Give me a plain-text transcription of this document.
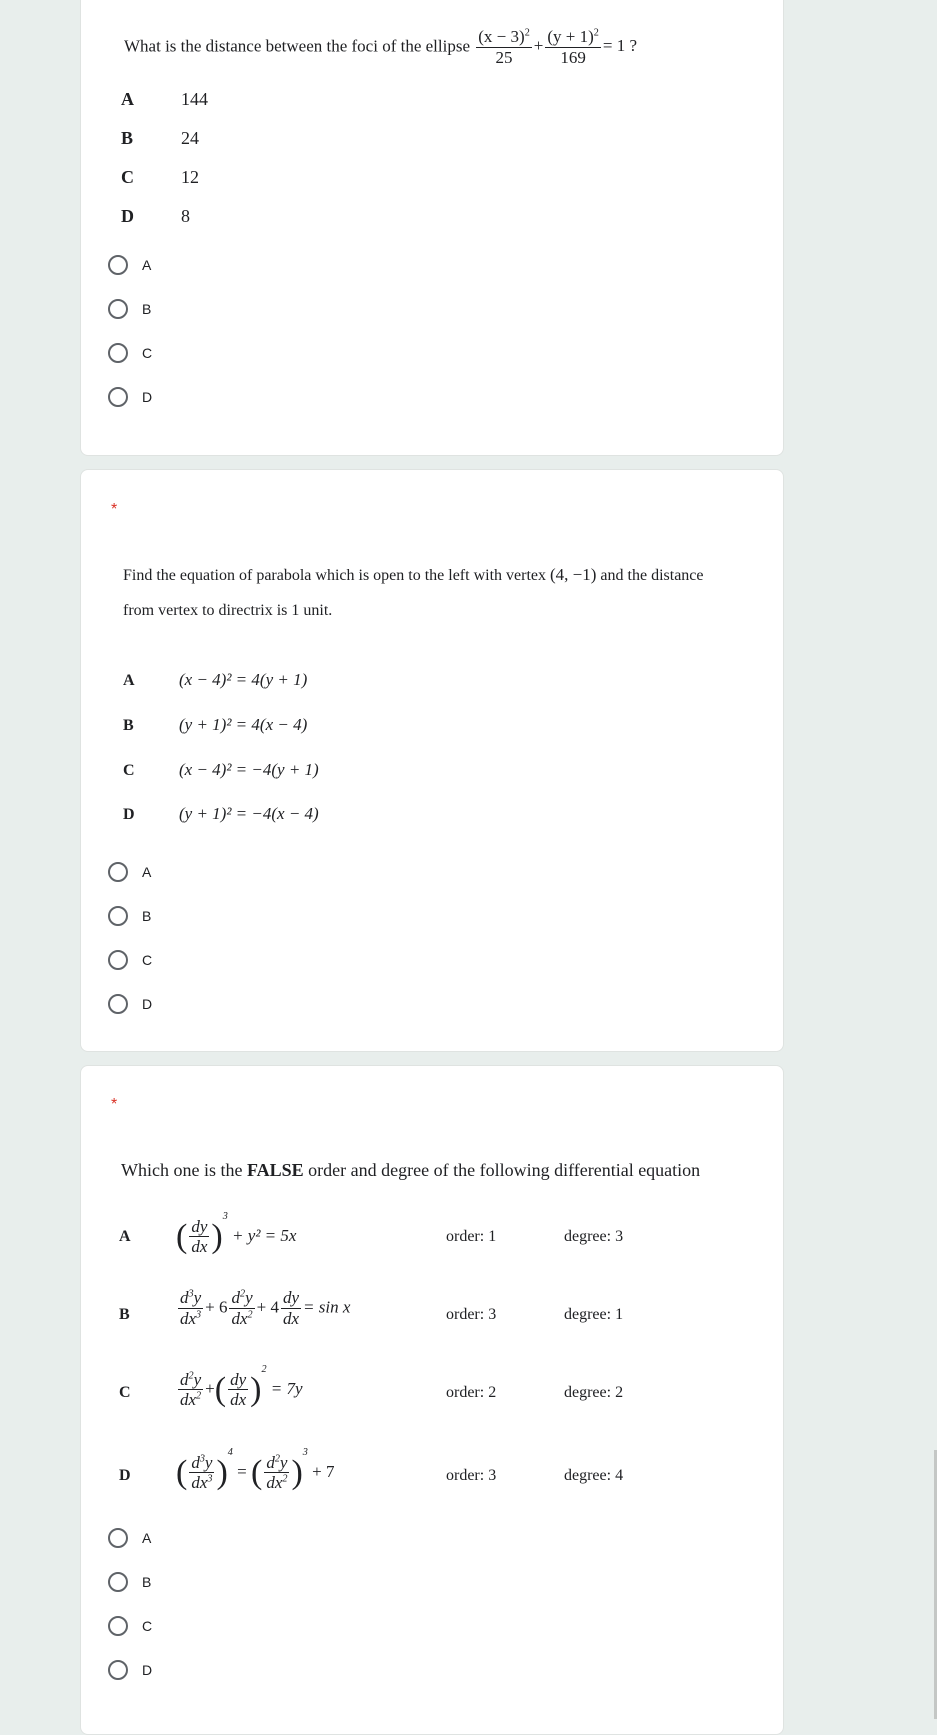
What is the distance between the foci of the ellipse $\frac{(x - 3)^2}{25} + \frac{(y + 1)^2}{169} = 1$ ?
A	144
B	24
C	12
D	8
A
B
C
D
*
Find the equation of parabola which is open to the left with vertex (4, −1) and the distance
from vertex to directrix is 1 unit.
A	(x − 4)² = 4(y + 1)
B	(y + 1)² = 4(x − 4)
C	(x − 4)² = −4(y + 1)
D	(y + 1)² = −4(x − 4)
A
B
C
D
*
Which one is the FALSE order and degree of the following differential equation
A	( $\frac{dy}{dx} )^3 + y^2 = 5x$	order: 1	degree: 3
B	$\frac{d^3y}{dx^3} + 6 \frac{d^2y}{dx^2} + 4 \frac{dy}{dx} = \sin x$	order: 3	degree: 1
C	$\frac{d^2y}{dx^2}$ +( $\frac{dy}{dx} )^2 = 7y$	order: 2	degree: 2
D	( $\frac{d^3y}{dx^3} )^4$ = ( $\frac{d^2y}{dx^2} )^3 + 7$	order: 3	degree: 4
A
B
C
D
